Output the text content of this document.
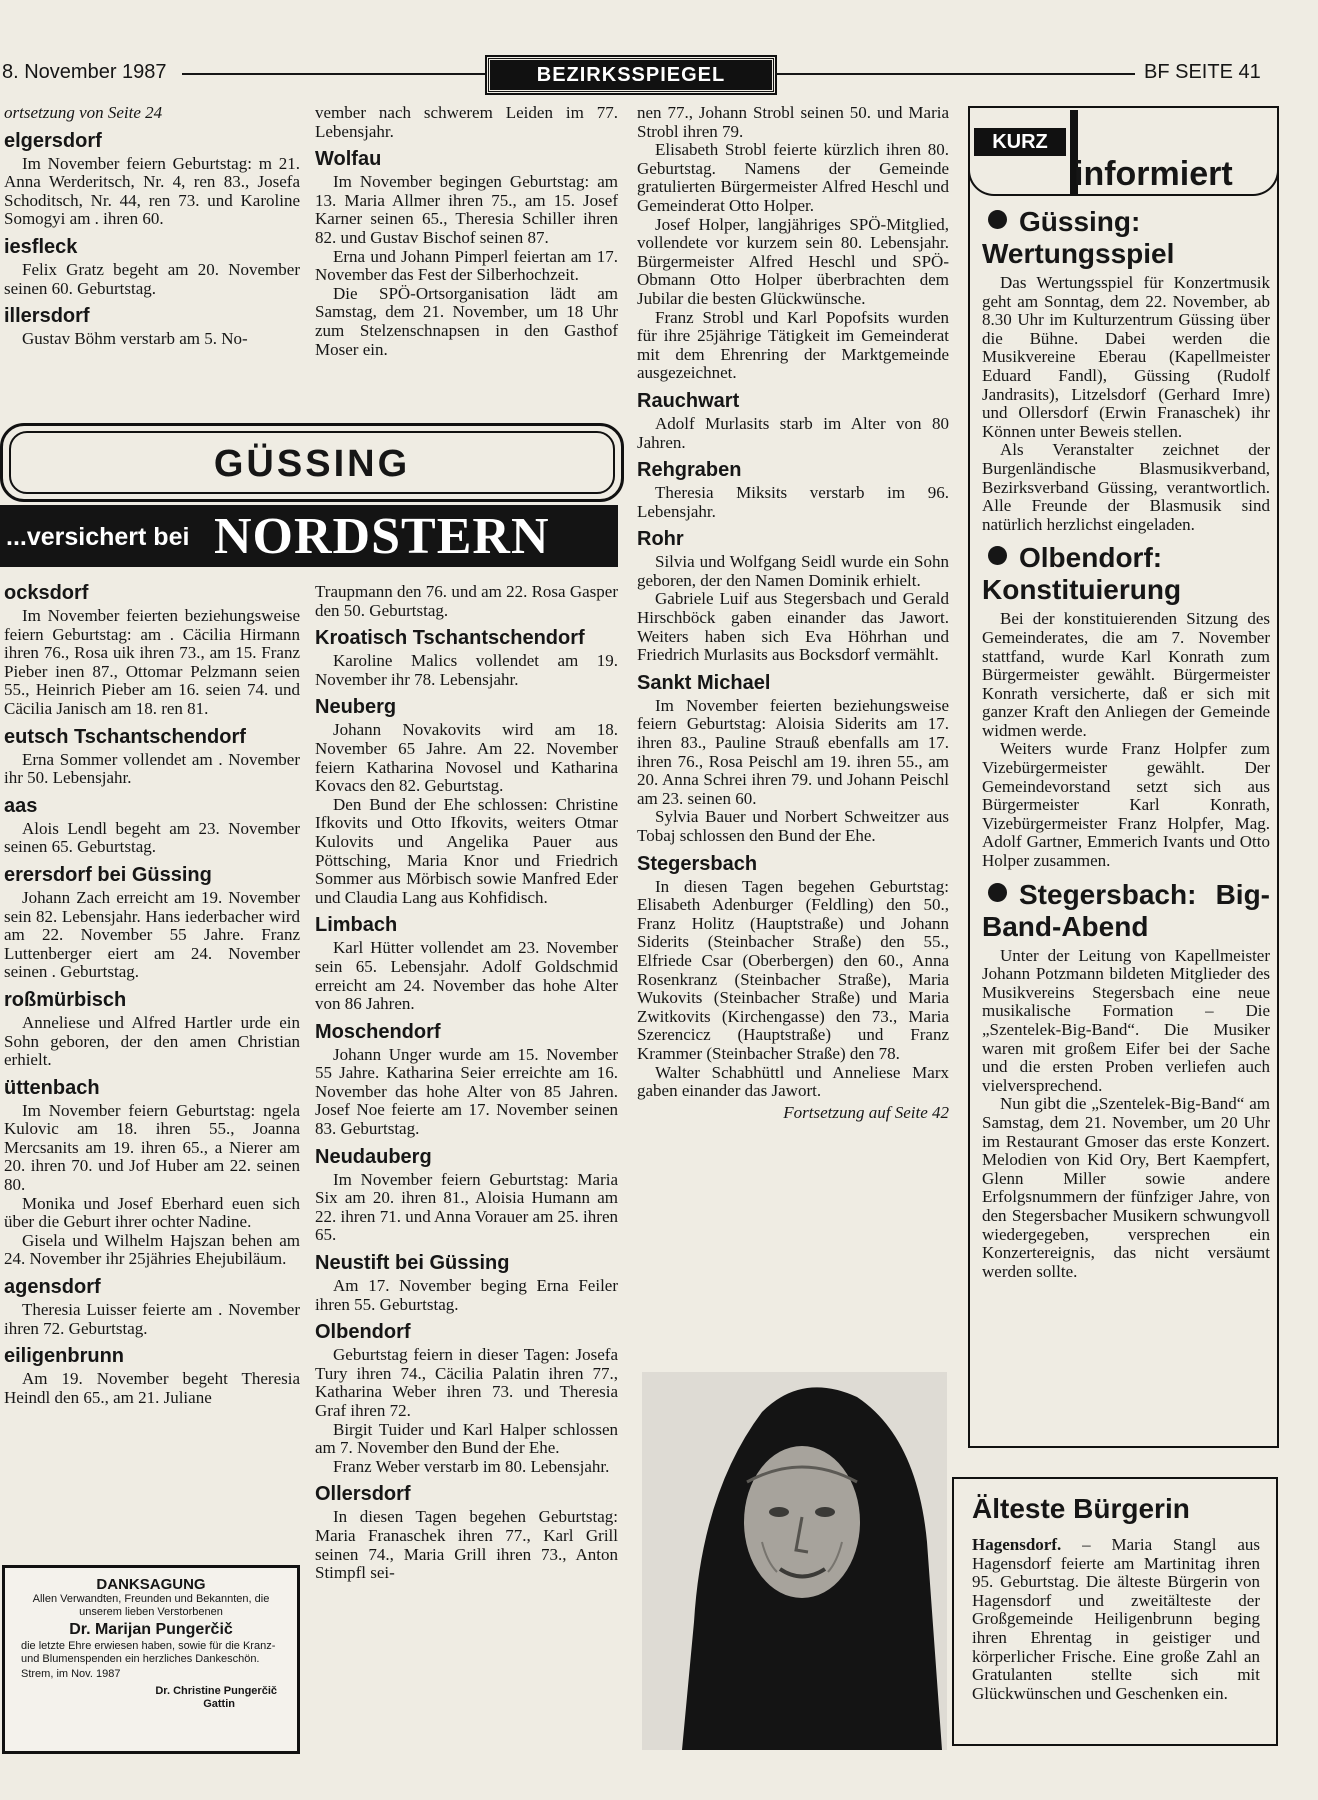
8. November 1987	BEZIRKSSPIEGEL	BF SEITE 41
ortsetzung von Seite 24
elgersdorf

Im November feiern Geburtstag: m 21. Anna Werderitsch, Nr. 4, ren 83., Josefa Schoditsch, Nr. 44, ren 73. und Karoline Somogyi am . ihren 60.

iesfleck

Felix Gratz begeht am 20. November seinen 60. Geburtstag.

illersdorf

Gustav Böhm verstarb am 5. No-

vember nach schwerem Leiden im 77. Lebensjahr.

Wolfau

Im November begingen Geburtstag: am 13. Maria Allmer ihren 75., am 15. Josef Karner seinen 65., Theresia Schiller ihren 82. und Gustav Bischof seinen 87.

Erna und Johann Pimperl feiertan am 17. November das Fest der Silberhochzeit.

Die SPÖ-Ortsorganisation lädt am Samstag, dem 21. November, um 18 Uhr zum Stelzenschnapsen in den Gasthof Moser ein.

GÜSSING
...versichert bei NORDSTERN
ocksdorf

Im November feierten beziehungsweise feiern Geburtstag: am . Cäcilia Hirmann ihren 76., Rosa uik ihren 73., am 15. Franz Pieber inen 87., Ottomar Pelzmann seien 55., Heinrich Pieber am 16. seien 74. und Cäcilia Janisch am 18. ren 81.

eutsch Tschantschendorf

Erna Sommer vollendet am . November ihr 50. Lebensjahr.

aas

Alois Lendl begeht am 23. November seinen 65. Geburtstag.

erersdorf bei Güssing

Johann Zach erreicht am 19. November sein 82. Lebensjahr. Hans iederbacher wird am 22. November 55 Jahre. Franz Luttenberger eiert am 24. November seinen . Geburtstag.

roßmürbisch

Anneliese und Alfred Hartler urde ein Sohn geboren, der den amen Christian erhielt.

üttenbach

Im November feiern Geburtstag: ngela Kulovic am 18. ihren 55., Joanna Mercsanits am 19. ihren 65., a Nierer am 20. ihren 70. und Jof Huber am 22. seinen 80.

Monika und Josef Eberhard euen sich über die Geburt ihrer ochter Nadine.

Gisela und Wilhelm Hajszan behen am 24. November ihr 25jähries Ehejubiläum.

agensdorf

Theresia Luisser feierte am . November ihren 72. Geburtstag.

eiligenbrunn

Am 19. November begeht Theresia Heindl den 65., am 21. Juliane

DANKSAGUNG
Allen Verwandten, Freunden und Bekannten, die unserem lieben Verstorbenen
Dr. Marijan Pungerčič
die letzte Ehre erwiesen haben, sowie für die Kranz- und Blumenspenden ein herzliches Dankeschön.
Strem, im Nov. 1987
Dr. Christine Pungerčič
Gattin

Traupmann den 76. und am 22. Rosa Gasper den 50. Geburtstag.

Kroatisch Tschantschendorf

Karoline Malics vollendet am 19. November ihr 78. Lebensjahr.

Neuberg

Johann Novakovits wird am 18. November 65 Jahre. Am 22. November feiern Katharina Novosel und Katharina Kovacs den 82. Geburtstag.

Den Bund der Ehe schlossen: Christine Ifkovits und Otto Ifkovits, weiters Otmar Kulovits und Angelika Pauer aus Pöttsching, Maria Knor und Friedrich Sommer aus Mörbisch sowie Manfred Eder und Claudia Lang aus Kohfidisch.

Limbach

Karl Hütter vollendet am 23. November sein 65. Lebensjahr. Adolf Goldschmid erreicht am 24. November das hohe Alter von 86 Jahren.

Moschendorf

Johann Unger wurde am 15. November 55 Jahre. Katharina Seier erreichte am 16. November das hohe Alter von 85 Jahren. Josef Noe feierte am 17. November seinen 83. Geburtstag.

Neudauberg

Im November feiern Geburtstag: Maria Six am 20. ihren 81., Aloisia Humann am 22. ihren 71. und Anna Vorauer am 25. ihren 65.

Neustift bei Güssing

Am 17. November beging Erna Feiler ihren 55. Geburtstag.

Olbendorf

Geburtstag feiern in dieser Tagen: Josefa Tury ihren 74., Cäcilia Palatin ihren 77., Katharina Weber ihren 73. und Theresia Graf ihren 72.

Birgit Tuider und Karl Halper schlossen am 7. November den Bund der Ehe.

Franz Weber verstarb im 80. Lebensjahr.

Ollersdorf

In diesen Tagen begehen Geburtstag: Maria Franaschek ihren 77., Karl Grill seinen 74., Maria Grill ihren 73., Anton Stimpfl sei-

nen 77., Johann Strobl seinen 50. und Maria Strobl ihren 79.

Elisabeth Strobl feierte kürzlich ihren 80. Geburtstag. Namens der Gemeinde gratulierten Bürgermeister Alfred Heschl und Gemeinderat Otto Holper.

Josef Holper, langjähriges SPÖ-Mitglied, vollendete vor kurzem sein 80. Lebensjahr. Bürgermeister Alfred Heschl und SPÖ-Obmann Otto Holper überbrachten dem Jubilar die besten Glückwünsche.

Franz Strobl und Karl Popofsits wurden für ihre 25jährige Tätigkeit im Gemeinderat mit dem Ehrenring der Marktgemeinde ausgezeichnet.

Rauchwart

Adolf Murlasits starb im Alter von 80 Jahren.

Rehgraben

Theresia Miksits verstarb im 96. Lebensjahr.

Rohr

Silvia und Wolfgang Seidl wurde ein Sohn geboren, der den Namen Dominik erhielt.

Gabriele Luif aus Stegersbach und Gerald Hirschböck gaben einander das Jawort. Weiters haben sich Eva Höhrhan und Friedrich Murlasits aus Bocksdorf vermählt.

Sankt Michael

Im November feierten beziehungsweise feiern Geburtstag: Aloisia Siderits am 17. ihren 83., Pauline Strauß ebenfalls am 17. ihren 76., Rosa Peischl am 19. ihren 55., am 20. Anna Schrei ihren 79. und Johann Peischl am 23. seinen 60.

Sylvia Bauer und Norbert Schweitzer aus Tobaj schlossen den Bund der Ehe.

Stegersbach

In diesen Tagen begehen Geburtstag: Elisabeth Adenburger (Feldling) den 50., Franz Holitz (Hauptstraße) und Johann Siderits (Steinbacher Straße) den 55., Elfriede Csar (Oberbergen) den 60., Anna Rosenkranz (Steinbacher Straße), Maria Wukovits (Steinbacher Straße) und Maria Zwitkovits (Kirchengasse) den 73., Maria Szerencicz (Hauptstraße) und Franz Krammer (Steinbacher Straße) den 78.

Walter Schabhüttl und Anneliese Marx gaben einander das Jawort.

Fortsetzung auf Seite 42
KURZ
informiert
Güssing: Wertungsspiel

Das Wertungsspiel für Konzertmusik geht am Sonntag, dem 22. November, ab 8.30 Uhr im Kulturzentrum Güssing über die Bühne. Dabei werden die Musikvereine Eberau (Kapellmeister Eduard Fandl), Güssing (Rudolf Jandrasits), Litzelsdorf (Gerhard Imre) und Ollersdorf (Erwin Franaschek) ihr Können unter Beweis stellen.

Als Veranstalter zeichnet der Burgenländische Blasmusikverband, Bezirksverband Güssing, verantwortlich. Alle Freunde der Blasmusik sind natürlich herzlichst eingeladen.

Olbendorf: Konstituierung

Bei der konstituierenden Sitzung des Gemeinderates, die am 7. November stattfand, wurde Karl Konrath zum Bürgermeister gewählt. Bürgermeister Konrath versicherte, daß er sich mit ganzer Kraft den Anliegen der Gemeinde widmen werde.

Weiters wurde Franz Holpfer zum Vizebürgermeister gewählt. Der Gemeindevorstand setzt sich aus Bürgermeister Karl Konrath, Vizebürgermeister Franz Holpfer, Mag. Adolf Gartner, Emmerich Ivants und Otto Holper zusammen.

Stegersbach: Big-Band-Abend

Unter der Leitung von Kapellmeister Johann Potzmann bildeten Mitglieder des Musikvereins Stegersbach eine neue musikalische Formation – Die „Szentelek-Big-Band“. Die Musiker waren mit großem Eifer bei der Sache und die ersten Proben verliefen auch vielversprechend.

Nun gibt die „Szentelek-Big-Band“ am Samstag, dem 21. November, um 20 Uhr im Restaurant Gmoser das erste Konzert. Melodien von Kid Ory, Bert Kaempfert, Glenn Miller sowie andere Erfolgsnummern der fünfziger Jahre, von den Stegersbacher Musikern schwungvoll wiedergegeben, versprechen ein Konzertereignis, das nicht versäumt werden sollte.

Älteste Bürgerin

Hagensdorf. – Maria Stangl aus Hagensdorf feierte am Martinitag ihren 95. Geburtstag. Die älteste Bürgerin von Hagensdorf und zweitälteste der Großgemeinde Heiligenbrunn beging ihren Ehrentag in geistiger und körperlicher Frische. Eine große Zahl an Gratulanten stellte sich mit Glückwünschen und Geschenken ein.
